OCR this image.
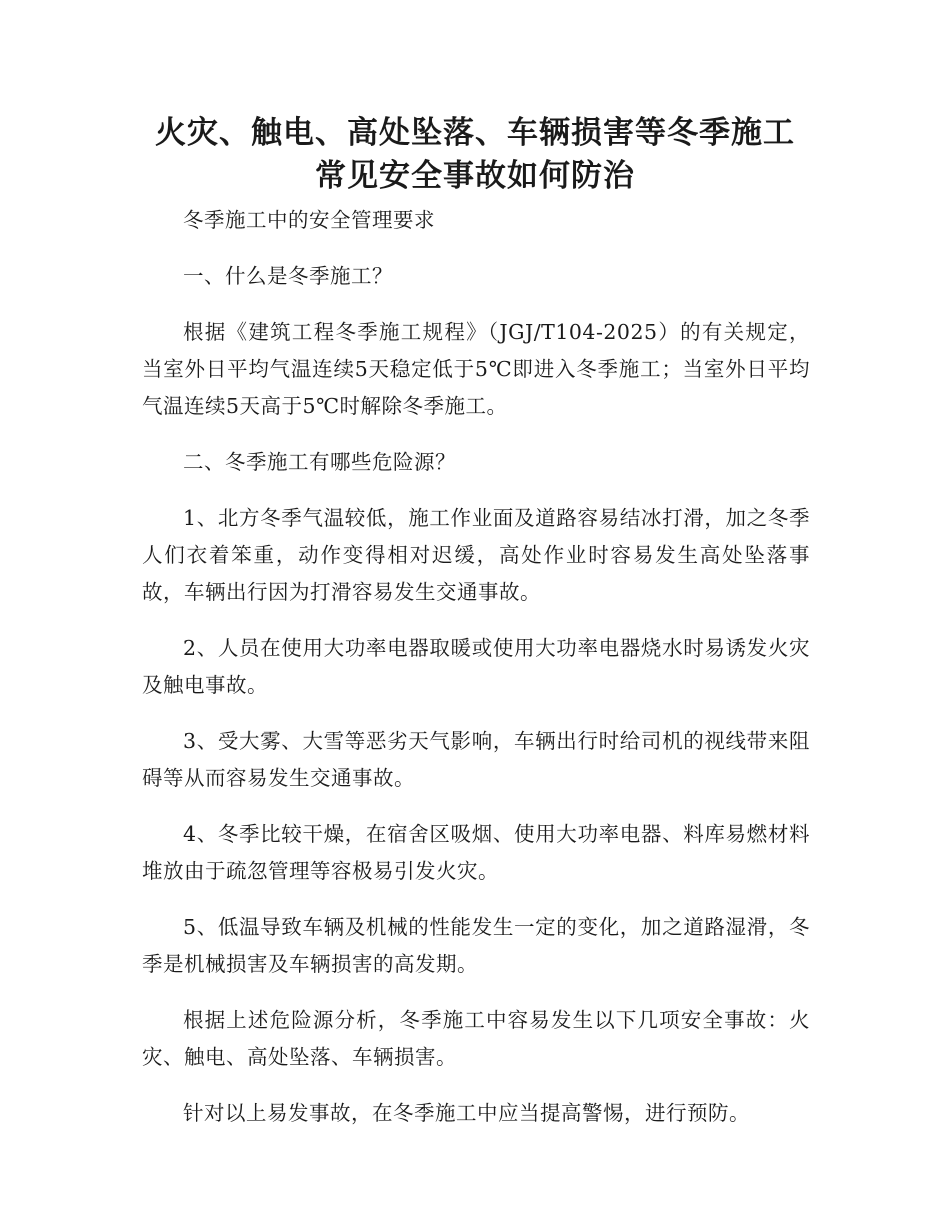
火灾、触电、高处坠落、车辆损害等冬季施工常见安全事故如何防治

冬季施工中的安全管理要求

一、什么是冬季施工？

根据《建筑工程冬季施工规程》（JGJ/T104-2025）的有关规定，当室外日平均气温连续5天稳定低于5℃即进入冬季施工；当室外日平均气温连续5天高于5℃时解除冬季施工。

二、冬季施工有哪些危险源？

1、北方冬季气温较低，施工作业面及道路容易结冰打滑，加之冬季人们衣着笨重，动作变得相对迟缓，高处作业时容易发生高处坠落事故，车辆出行因为打滑容易发生交通事故。

2、人员在使用大功率电器取暖或使用大功率电器烧水时易诱发火灾及触电事故。

3、受大雾、大雪等恶劣天气影响，车辆出行时给司机的视线带来阻碍等从而容易发生交通事故。

4、冬季比较干燥，在宿舍区吸烟、使用大功率电器、料库易燃材料堆放由于疏忽管理等容极易引发火灾。

5、低温导致车辆及机械的性能发生一定的变化，加之道路湿滑，冬季是机械损害及车辆损害的高发期。

根据上述危险源分析，冬季施工中容易发生以下几项安全事故：火灾、触电、高处坠落、车辆损害。

针对以上易发事故，在冬季施工中应当提高警惕，进行预防。
